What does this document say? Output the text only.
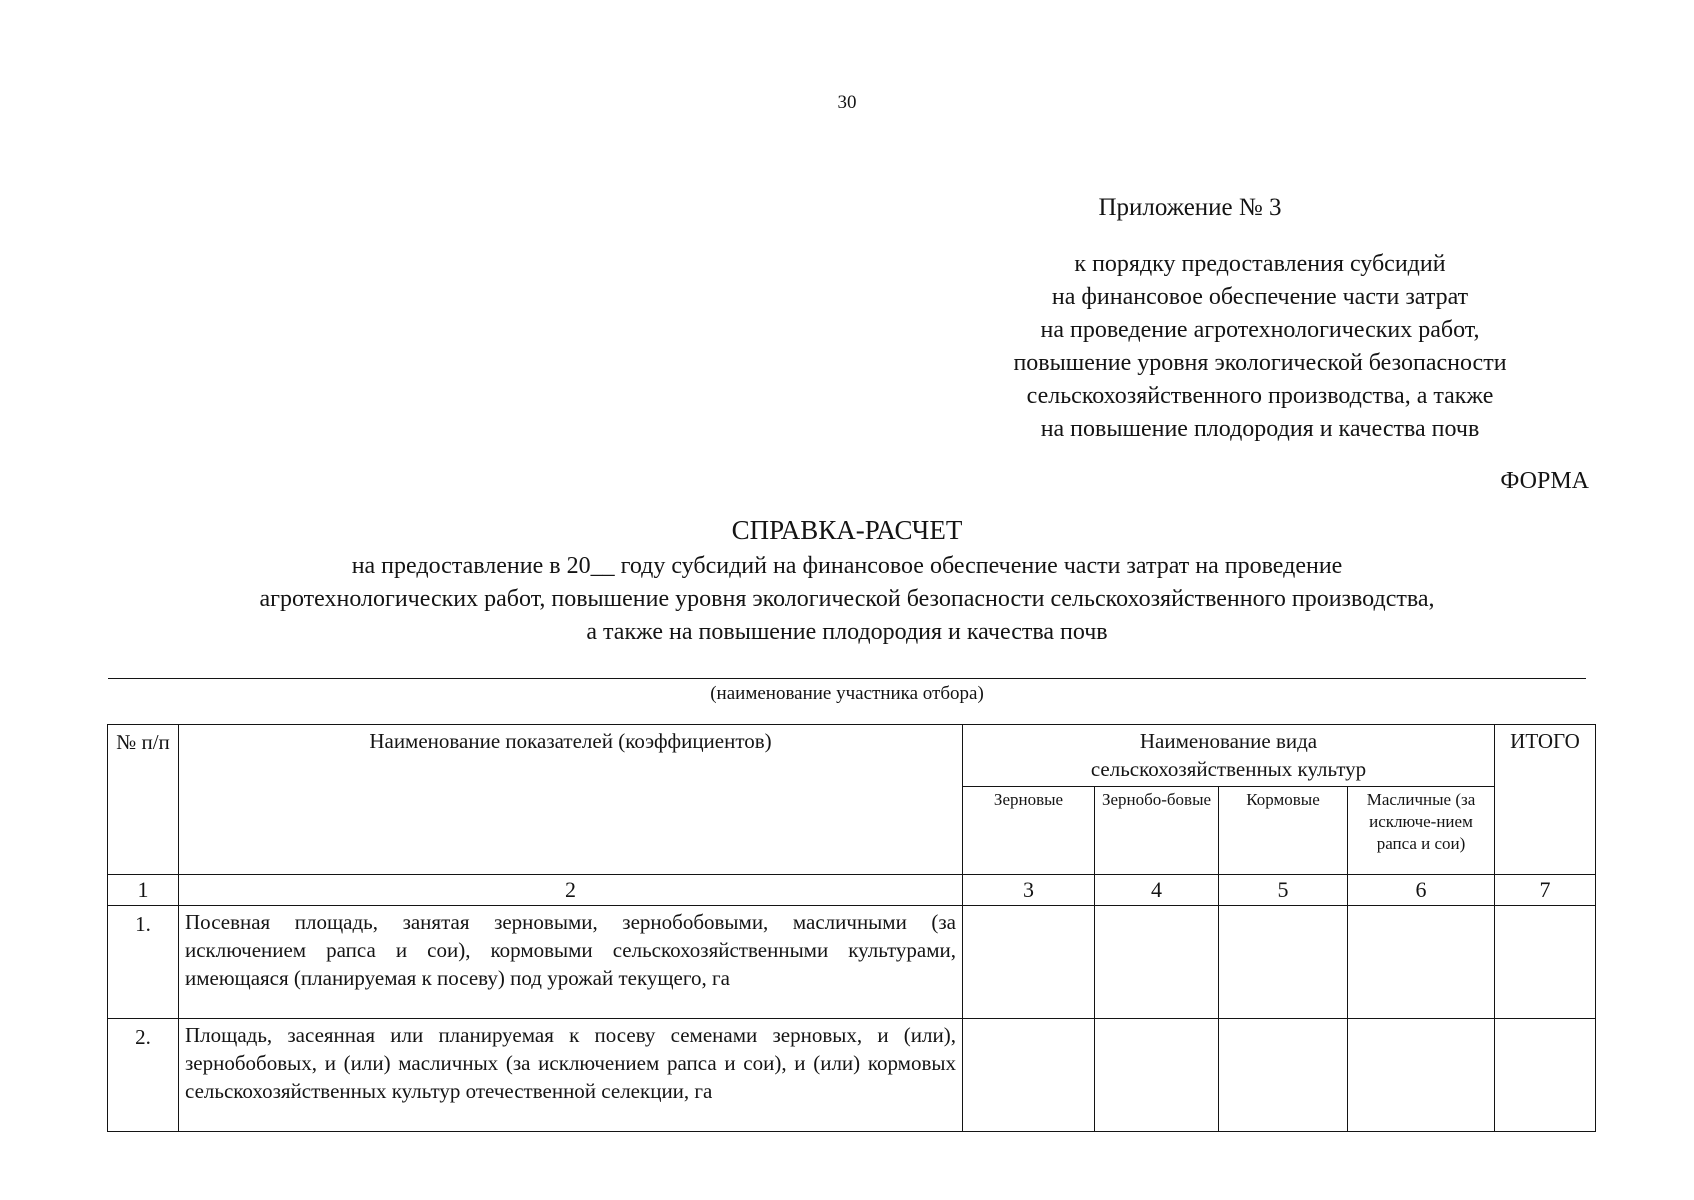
30
Приложение № 3
к порядку предоставления субсидий
на финансовое обеспечение части затрат
на проведение агротехнологических работ,
повышение уровня экологической безопасности
сельскохозяйственного производства, а также
на повышение плодородия и качества почв
ФОРМА
СПРАВКА-РАСЧЕТ
на предоставление в 20__ году субсидий на финансовое обеспечение части затрат на проведение
агротехнологических работ, повышение уровня экологической безопасности сельскохозяйственного производства,
а также на повышение плодородия и качества почв
(наименование участника отбора)
№ п/п	Наименование показателей (коэффициентов)	Наименование вида
сельскохозяйственных культур				ИТОГО
		Зерновые	Зернобо-бовые	Кормовые	Масличные (за исключе-нием рапса и сои)	
1	2	3	4	5	6	7
1.	Посевная площадь, занятая зерновыми, зернобобовыми, масличными (за исключением рапса и сои), кормовыми сельскохозяйственными культурами, имеющаяся (планируемая к посеву) под урожай текущего, га					
2.	Площадь, засеянная или планируемая к посеву семенами зерновых, и (или), зернобобовых, и (или) масличных (за исключением рапса и сои), и (или) кормовых сельскохозяйственных культур отечественной селекции, га					
